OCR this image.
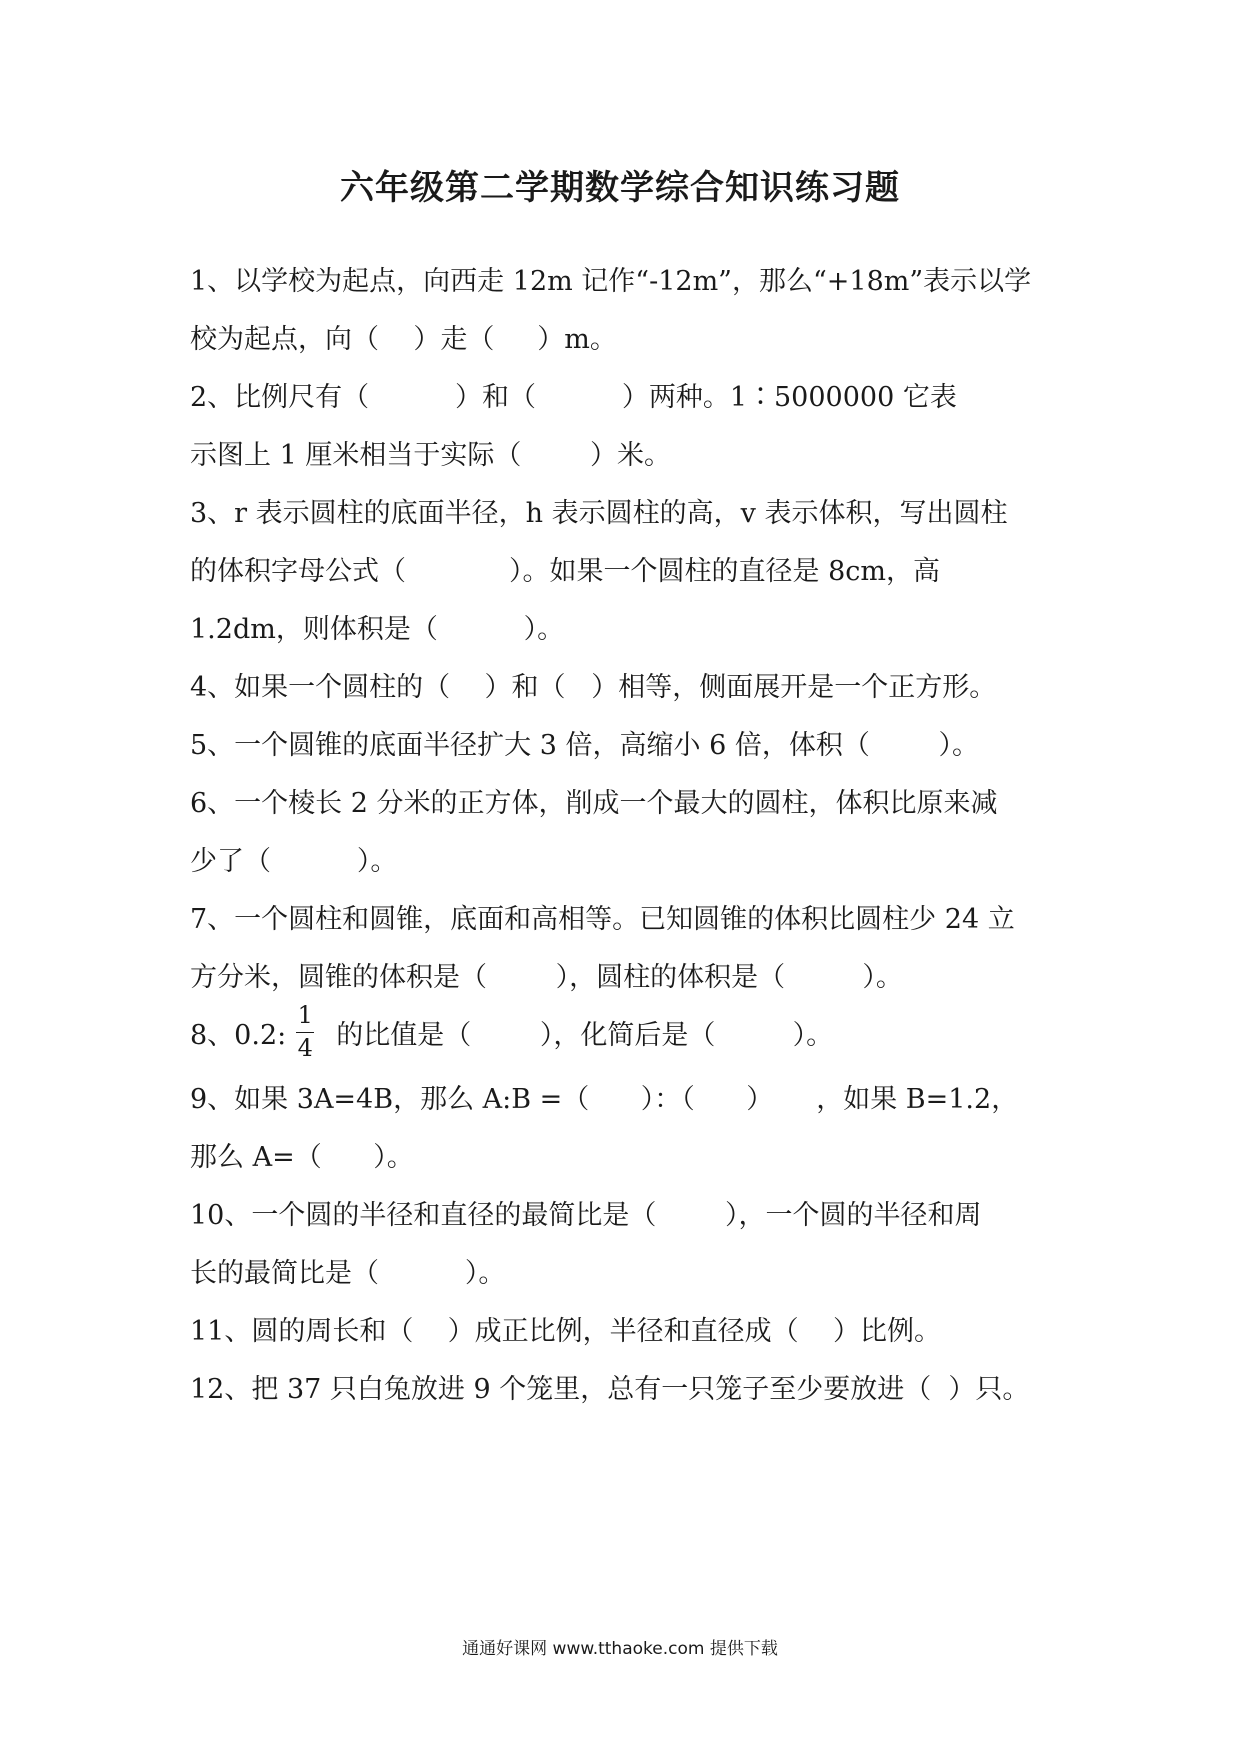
六年级第二学期数学综合知识练习题
1、以学校为起点，向西走 12m 记作“-12m”，那么“+18m”表示以学
校为起点，向（    ）走（     ）m。
2、比例尺有（          ）和（          ）两种。1∶5000000 它表
示图上 1 厘米相当于实际（        ）米。
3、r 表示圆柱的底面半径，h 表示圆柱的高，v 表示体积，写出圆柱
的体积字母公式（            ）。如果一个圆柱的直径是 8cm，高
1.2dm，则体积是（          ）。
4、如果一个圆柱的（    ）和（   ）相等，侧面展开是一个正方形。
5、一个圆锥的底面半径扩大 3 倍，高缩小 6 倍，体积（        ）。
6、一个棱长 2 分米的正方体，削成一个最大的圆柱，体积比原来减
少了（          ）。
7、一个圆柱和圆锥，底面和高相等。已知圆锥的体积比圆柱少 24 立
方分米，圆锥的体积是（        ），圆柱的体积是（         ）。
8、0.2: $\frac{1}{4}$ 的比值是（        ），化简后是（         ）。
9、如果 3A=4B，那么 A:B =（      ）：（      ）     ，如果 B=1.2，
那么 A=（      ）。
10、一个圆的半径和直径的最简比是（        ），一个圆的半径和周
长的最简比是（          ）。
11、圆的周长和（    ）成正比例，半径和直径成（    ）比例。
12、把 37 只白兔放进 9 个笼里，总有一只笼子至少要放进（  ）只。
通通好课网 www.tthaoke.com 提供下载
